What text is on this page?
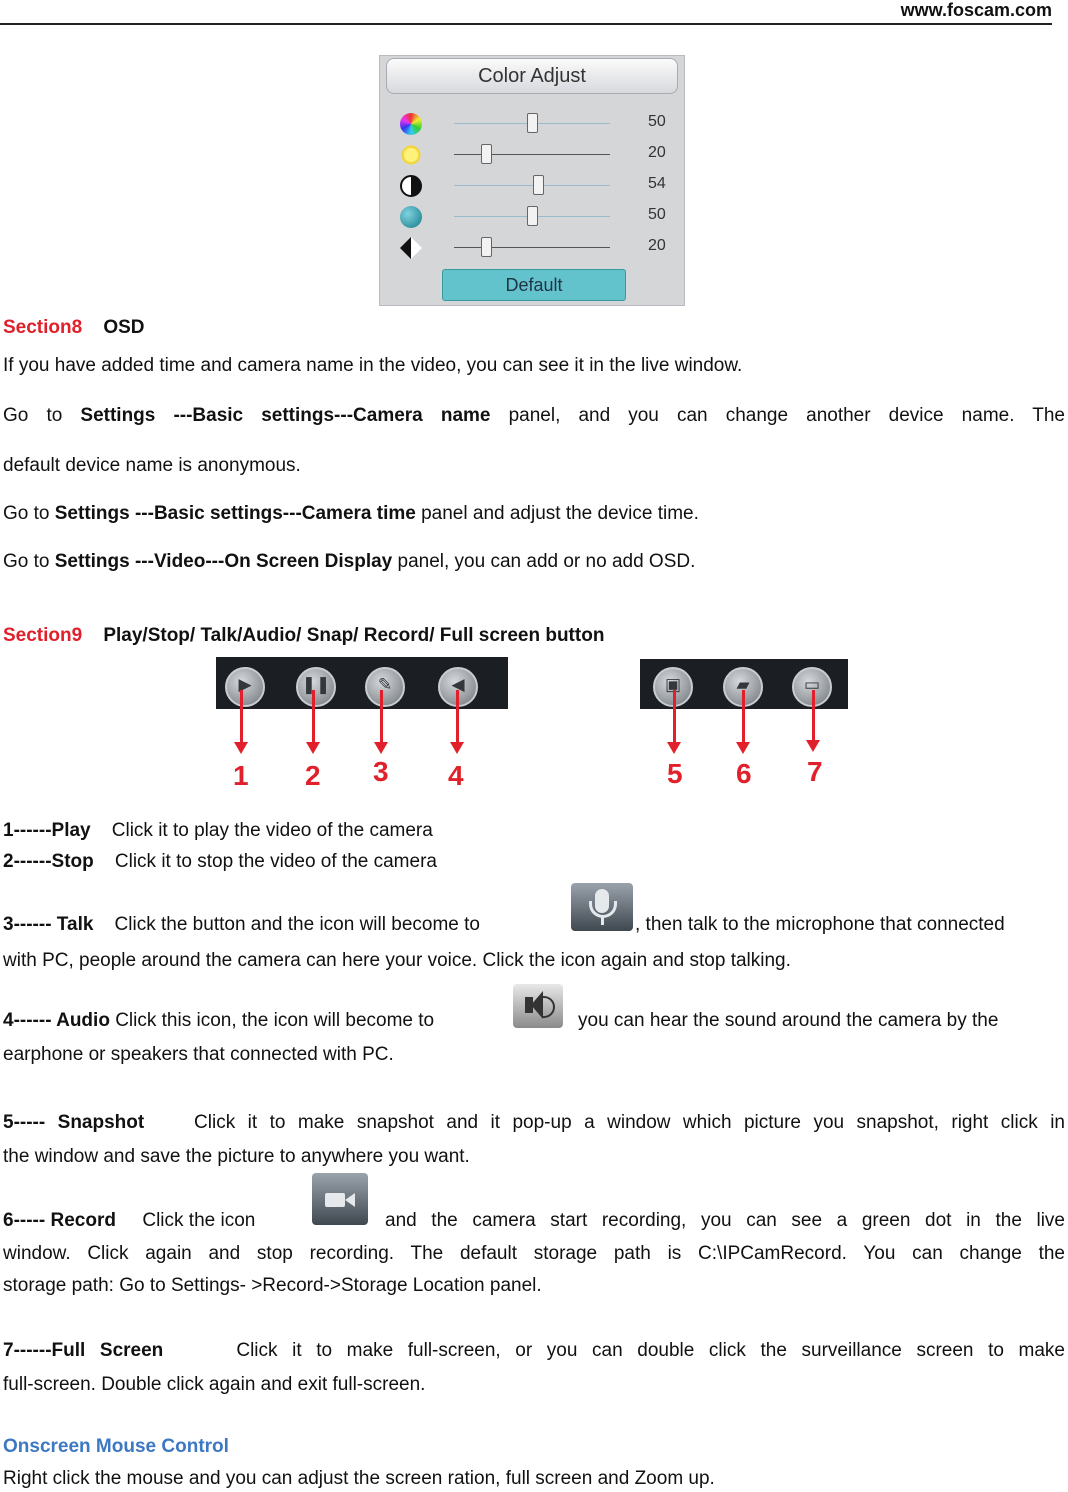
www.foscam.com
Color Adjust
50
20
54
50
20
Default
Section8 OSD
If you have added time and camera name in the video, you can see it in the live window.
Go to Settings ---Basic settings---Camera name panel, and you can change another device name. The
default device name is anonymous.
Go to Settings ---Basic settings---Camera time panel and adjust the device time.
Go to Settings ---Video---On Screen Display panel, you can add or no add OSD.
Section9 Play/Stop/ Talk/Audio/ Snap/ Record/ Full screen button
▶	❚❚	✎	◀	▣	▰	▭
1 2 3 4	5 6 7
1------Play Click it to play the video of the camera
2------Stop Click it to stop the video of the camera
3------ Talk Click the button and the icon will become to	, then talk to the microphone that connected
with PC, people around the camera can here your voice. Click the icon again and stop talking.
4------ Audio Click this icon, the icon will become to	you can hear the sound around the camera by the
earphone or speakers that connected with PC.
5----- Snapshot	Click it to make snapshot and it pop-up a window which picture you snapshot, right click in
the window and save the picture to anywhere you want.
6----- Record Click the icon	and the camera start recording, you can see a green dot in the live
window. Click again and stop recording. The default storage path is C:\IPCamRecord. You can change the
storage path: Go to Settings- >Record->Storage Location panel.
7------Full Screen	Click it to make full-screen, or you can double click the surveillance screen to make
full-screen. Double click again and exit full-screen.
Onscreen Mouse Control
Right click the mouse and you can adjust the screen ration, full screen and Zoom up.
